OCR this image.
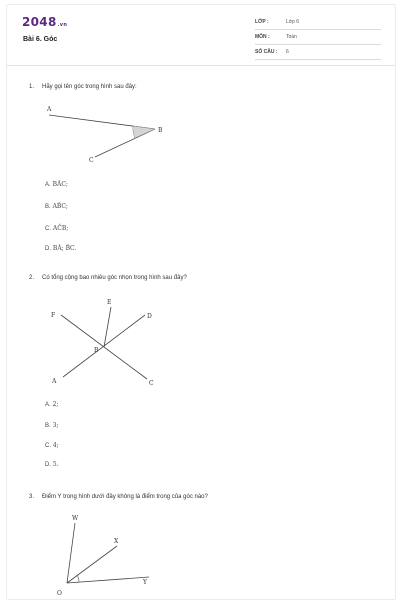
2048.vn
Bài 6. Góc
LỚP :	Lớp 6
MÔN :	Toán
SỐ CÂU : 6
1. Hãy gọi tên góc trong hình sau đây:
A
B
C
A. BÂC;
B. AB̂C;
C. AĈB;
D. BÂ; B̂C.
2. Có tổng cộng bao nhiêu góc nhọn trong hình sau đây?
E
F	D
B
A	C
A. 2;
B. 3;
C. 4;
D. 5.
3. Điểm Y trong hình dưới đây không là điểm trong của góc nào?
W
X
Y
O
